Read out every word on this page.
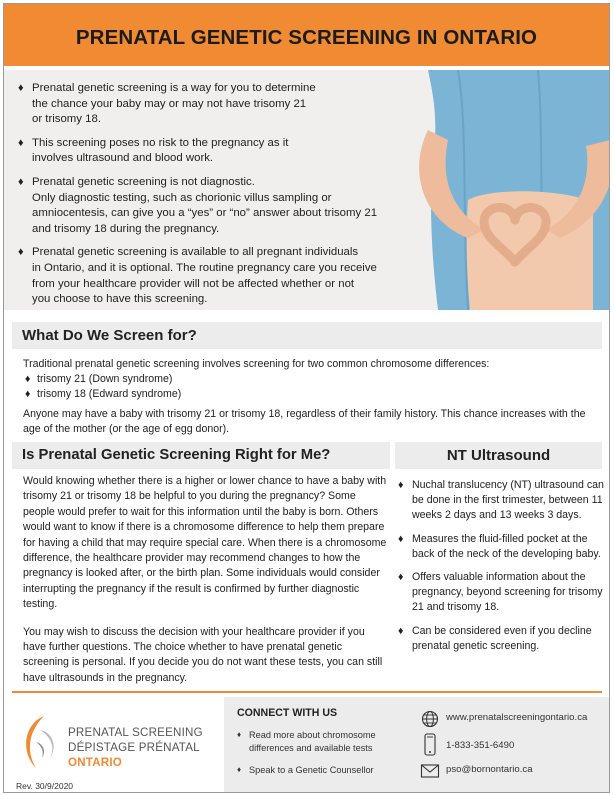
PRENATAL GENETIC SCREENING IN ONTARIO
♦ Prenatal genetic screening is a way for you to determine
the chance your baby may or may not have trisomy 21
or trisomy 18.
♦ This screening poses no risk to the pregnancy as it
involves ultrasound and blood work.
♦ Prenatal genetic screening is not diagnostic.
Only diagnostic testing, such as chorionic villus sampling or
amniocentesis, can give you a “yes” or “no” answer about trisomy 21
and trisomy 18 during the pregnancy.
♦ Prenatal genetic screening is available to all pregnant individuals
in Ontario, and it is optional. The routine pregnancy care you receive
from your healthcare provider will not be affected whether or not
you choose to have this screening.
What Do We Screen for?

Traditional prenatal genetic screening involves screening for two common chromosome differences:

♦ trisomy 21 (Down syndrome)
♦ trisomy 18 (Edward syndrome)

Anyone may have a baby with trisomy 21 or trisomy 18, regardless of their family history. This chance increases with the age of the mother (or the age of egg donor).

Is Prenatal Genetic Screening Right for Me?

Would knowing whether there is a higher or lower chance to have a baby with trisomy 21 or trisomy 18 be helpful to you during the pregnancy? Some people would prefer to wait for this information until the baby is born. Others would want to know if there is a chromosome difference to help them prepare for having a child that may require special care. When there is a chromosome difference, the healthcare provider may recommend changes to how the pregnancy is looked after, or the birth plan. Some individuals would consider interrupting the pregnancy if the result is confirmed by further diagnostic testing.

You may wish to discuss the decision with your healthcare provider if you have further questions. The choice whether to have prenatal genetic screening is personal. If you decide you do not want these tests, you can still have ultrasounds in the pregnancy.

NT Ultrasound
♦ Nuchal translucency (NT) ultrasound can be done in the first trimester, between 11 weeks 2 days and 13 weeks 3 days.
♦ Measures the fluid-filled pocket at the back of the neck of the developing baby.
♦ Offers valuable information about the pregnancy, beyond screening for trisomy 21 and trisomy 18.
♦ Can be considered even if you decline prenatal genetic screening.
PRENATAL SCREENING
DÉPISTAGE PRÉNATAL
ONTARIO
Rev. 30/9/2020
CONNECT WITH US
♦ Read more about chromosome differences and available tests
♦ Speak to a Genetic Counsellor
www.prenatalscreeningontario.ca
1-833-351-6490
pso@bornontario.ca
